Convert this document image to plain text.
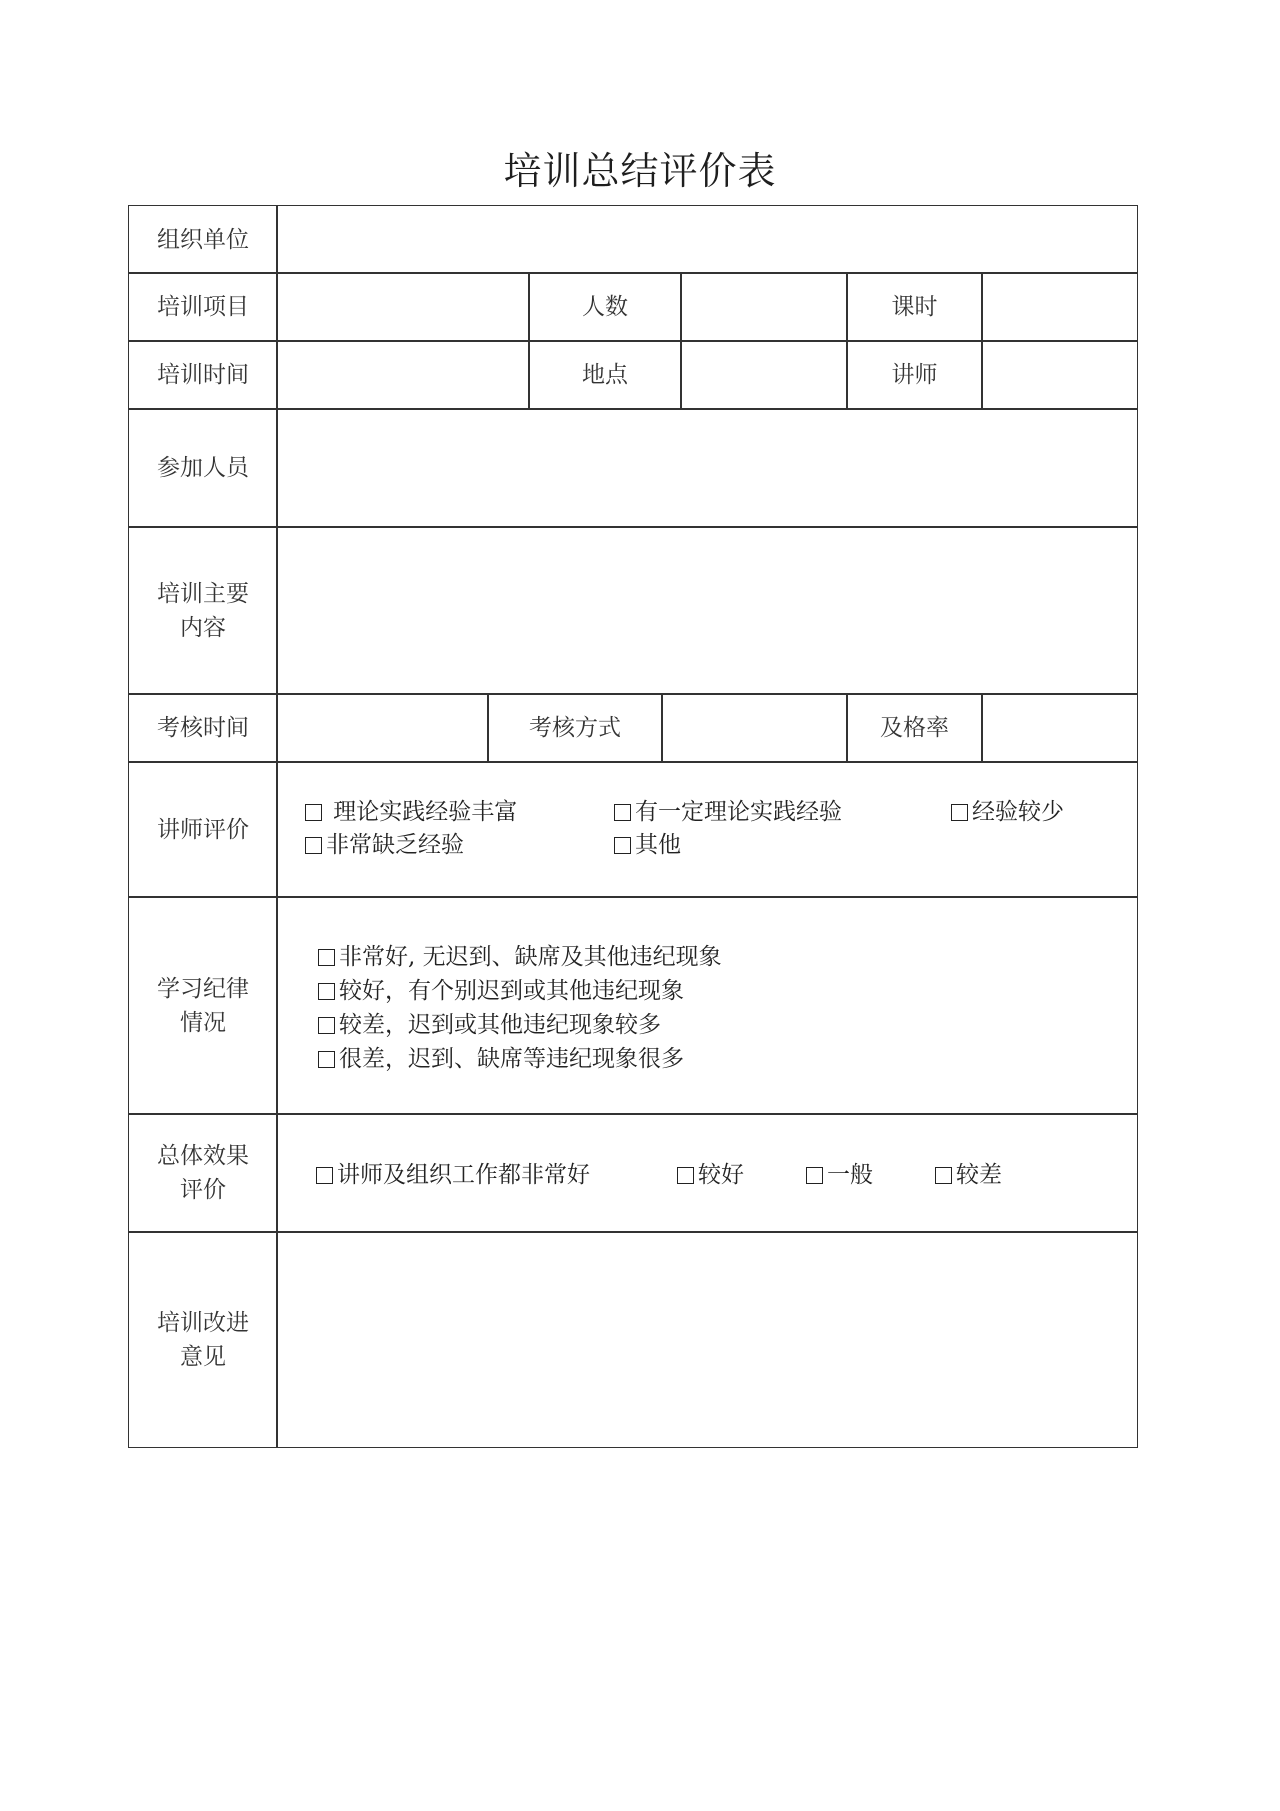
培训总结评价表
组织单位
培训项目	人数	课时
培训时间	地点	讲师
参加人员
培训主要
内容
考核时间	考核方式	及格率
讲师评价
理论实践经验丰富	有一定理论实践经验	经验较少
非常缺乏经验	其他
学习纪律
情况
非常好, 无迟到、缺席及其他违纪现象
较好，有个别迟到或其他违纪现象
较差，迟到或其他违纪现象较多
很差，迟到、缺席等违纪现象很多
总体效果
评价
讲师及组织工作都非常好	较好	一般	较差
培训改进
意见
